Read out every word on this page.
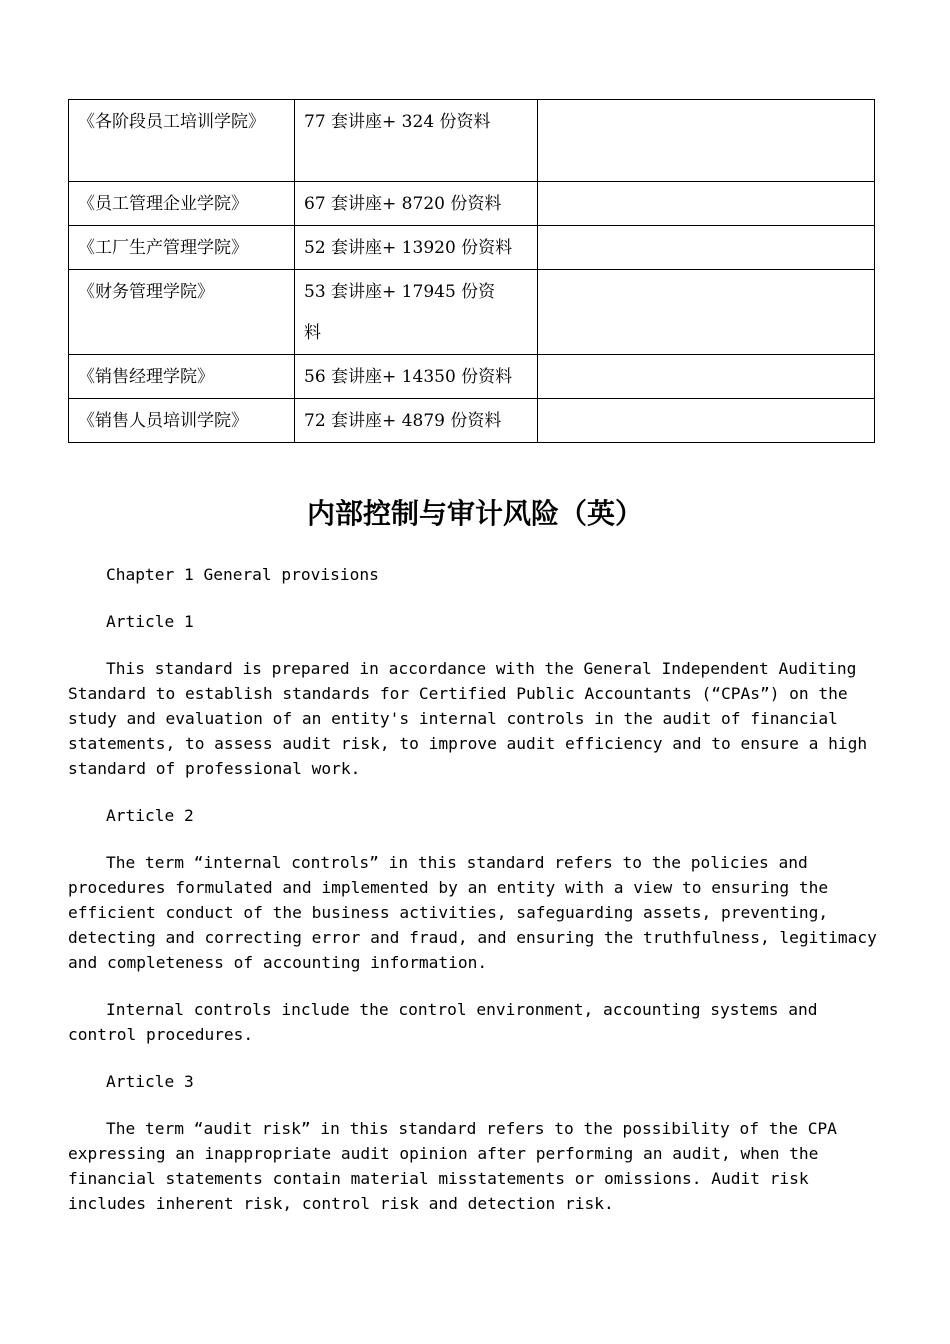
《各阶段员工培训学院》	77 套讲座+ 324 份资料	
《员工管理企业学院》	67 套讲座+ 8720 份资料	
《工厂生产管理学院》	52 套讲座+ 13920 份资料	
《财务管理学院》	53 套讲座+ 17945 份资料	
《销售经理学院》	56 套讲座+ 14350 份资料	
《销售人员培训学院》	72 套讲座+ 4879 份资料	
内部控制与审计风险（英）

Chapter 1 General provisions

Article 1

This standard is prepared in accordance with the General Independent Auditing Standard to establish standards for Certified Public Accountants (“CPAs”) on the study and evaluation of an entity's internal controls in the audit of financial statements, to assess audit risk, to improve audit efficiency and to ensure a high standard of professional work.

Article 2

The term “internal controls” in this standard refers to the policies and procedures formulated and implemented by an entity with a view to ensuring the efficient conduct of the business activities, safeguarding assets, preventing, detecting and correcting error and fraud, and ensuring the truthfulness, legitimacy and completeness of accounting information.

Internal controls include the control environment, accounting systems and control procedures.

Article 3

The term “audit risk” in this standard refers to the possibility of the CPA expressing an inappropriate audit opinion after performing an audit, when the financial statements contain material misstatements or omissions. Audit risk includes inherent risk, control risk and detection risk.
